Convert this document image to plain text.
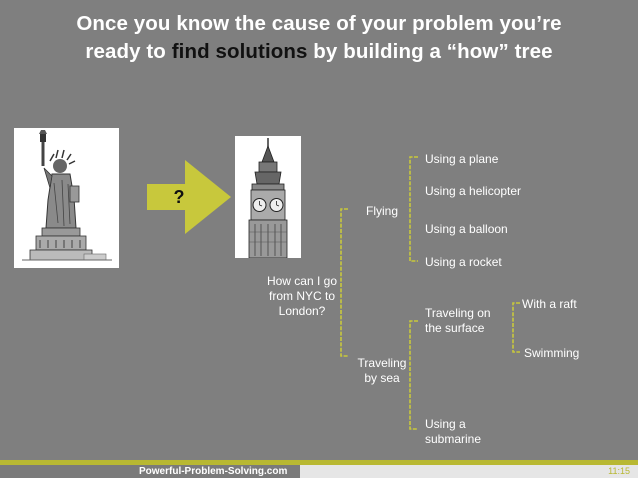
Once you know the cause of your problem you’re
ready to find solutions by building a “how” tree
?
How can I go
from NYC to
London?
Flying
Using a plane
Using a helicopter
Using a balloon
Using a rocket
Traveling
by sea
Traveling on
the surface
With a raft
Swimming
Using a
submarine
Powerful-Problem-Solving.com	11:15
